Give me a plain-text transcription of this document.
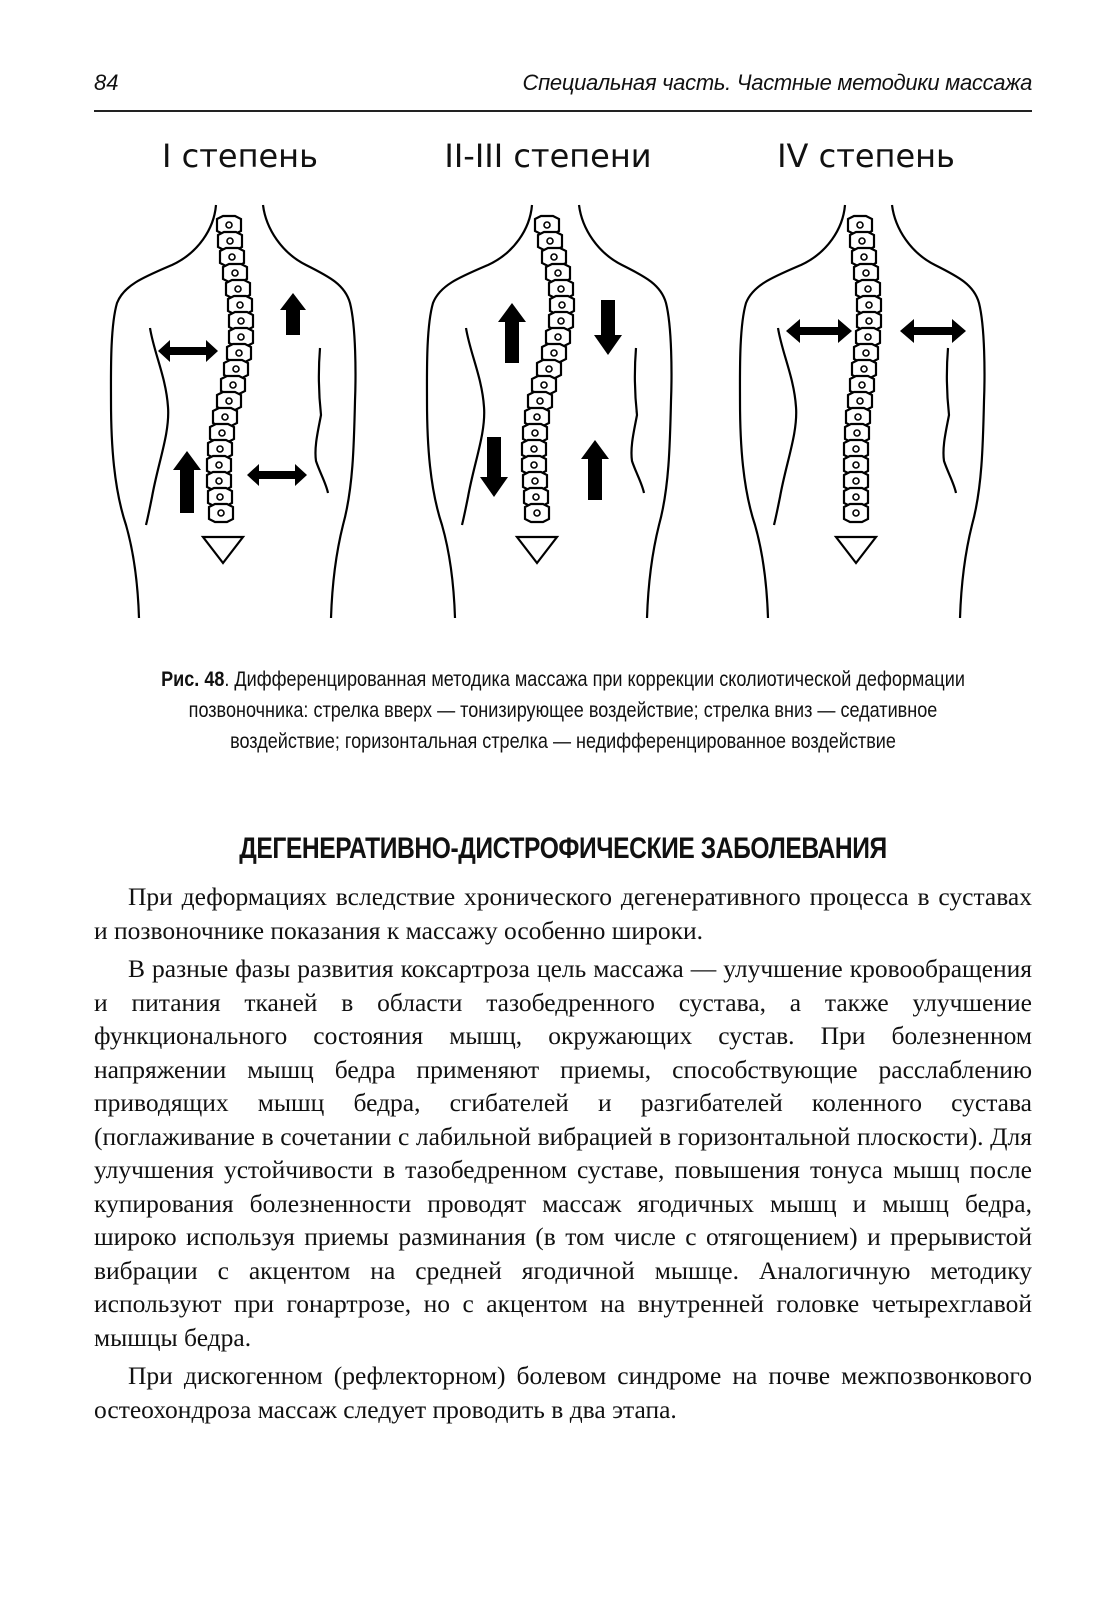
84	Специальная часть. Частные методики массажа
I степень	II-III степени	IV степень
Рис. 48. Дифференцированная методика массажа при коррекции сколиотической деформации позвоночника: стрелка вверх — тонизирующее воздействие; стрелка вниз — седативное воздействие; горизонтальная стрелка — недифференцированное воздействие
ДЕГЕНЕРАТИВНО-ДИСТРОФИЧЕСКИЕ ЗАБОЛЕВАНИЯ

При деформациях вследствие хронического дегенеративного процесса в суставах и позвоночнике показания к массажу особенно широки.

В разные фазы развития коксартроза цель массажа — улучшение кровообращения и питания тканей в области тазобедренного сустава, а также улучшение функционального состояния мышц, окружающих сустав. При болезненном напряжении мышц бедра применяют приемы, способствующие расслаблению приводящих мышц бедра, сгибателей и разгибателей коленного сустава (поглаживание в сочетании с лабильной вибрацией в горизонтальной плоскости). Для улучшения устойчивости в тазобедренном суставе, повышения тонуса мышц после купирования болезненности проводят массаж ягодичных мышц и мышц бедра, широко используя приемы разминания (в том числе с отягощением) и прерывистой вибрации с акцентом на средней ягодичной мышце. Аналогичную методику используют при гонартрозе, но с акцентом на внутренней головке четырехглавой мышцы бедра.

При дискогенном (рефлекторном) болевом синдроме на почве межпозвонкового остеохондроза массаж следует проводить в два этапа.
